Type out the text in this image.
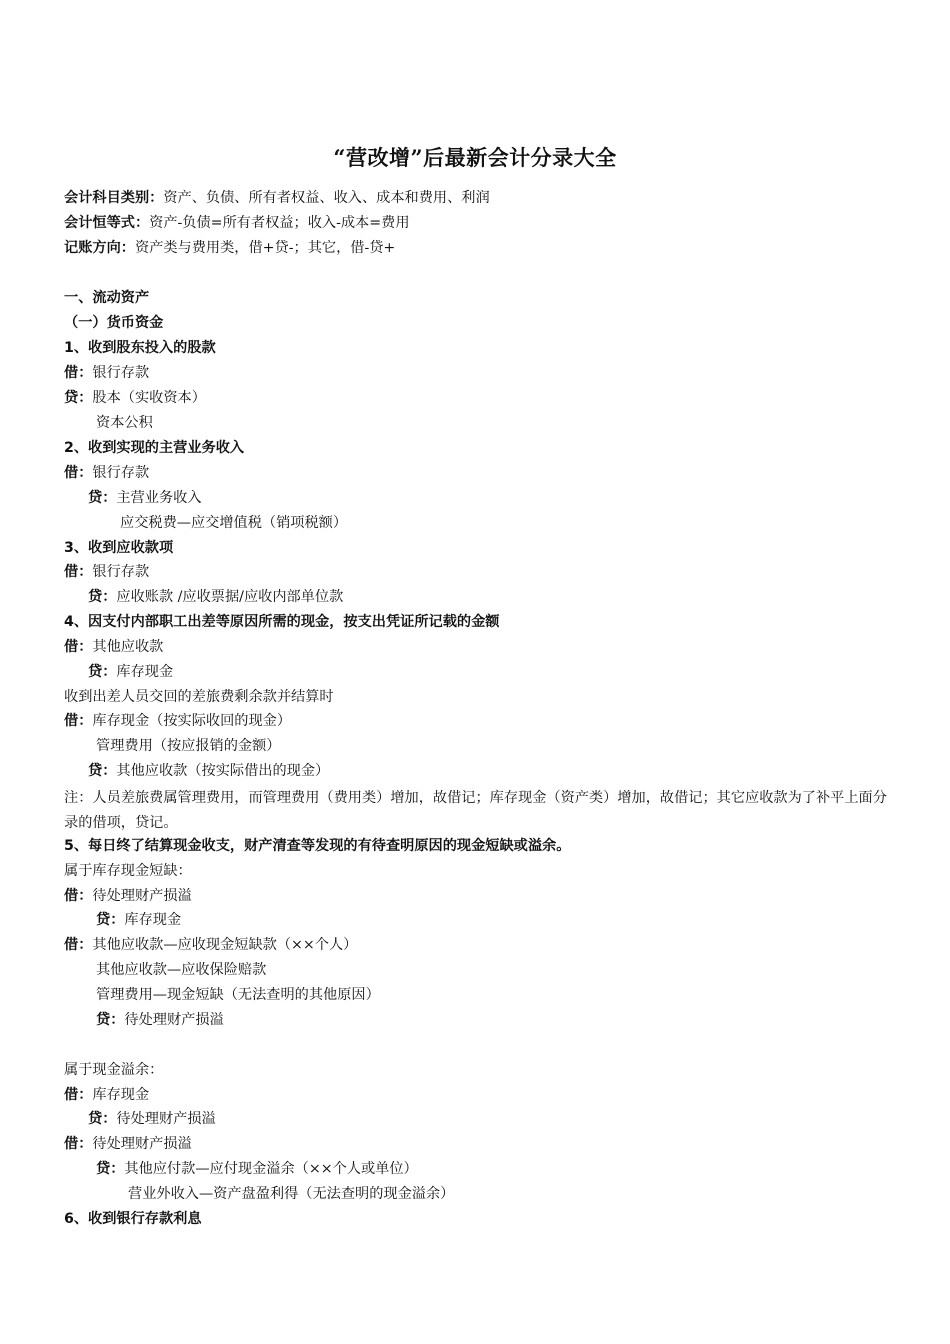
“营改增”后最新会计分录大全
会计科目类别：资产、负债、所有者权益、收入、成本和费用、利润
会计恒等式：资产-负债=所有者权益；收入-成本=费用
记账方向：资产类与费用类，借+贷-；其它，借-贷+
一、流动资产
（一）货币资金
1、收到股东投入的股款
借：银行存款
贷：股本（实收资本）
资本公积
2、收到实现的主营业务收入
借：银行存款
贷：主营业务收入
应交税费—应交增值税（销项税额）
3、收到应收款项
借：银行存款
贷：应收账款 /应收票据/应收内部单位款
4、因支付内部职工出差等原因所需的现金，按支出凭证所记载的金额
借：其他应收款
贷：库存现金
收到出差人员交回的差旅费剩余款并结算时
借：库存现金（按实际收回的现金）
管理费用（按应报销的金额）
贷：其他应收款（按实际借出的现金）
注：人员差旅费属管理费用，而管理费用（费用类）增加，故借记；库存现金（资产类）增加，故借记；其它应收款为了补平上面分录的借项，贷记。
5、每日终了结算现金收支，财产清查等发现的有待查明原因的现金短缺或溢余。
属于库存现金短缺：
借：待处理财产损溢
贷：库存现金
借：其他应收款—应收现金短缺款（××个人）
其他应收款—应收保险赔款
管理费用—现金短缺（无法查明的其他原因）
贷：待处理财产损溢
属于现金溢余：
借：库存现金
贷：待处理财产损溢
借：待处理财产损溢
贷：其他应付款—应付现金溢余（××个人或单位）
营业外收入—资产盘盈利得（无法查明的现金溢余）
6、收到银行存款利息
